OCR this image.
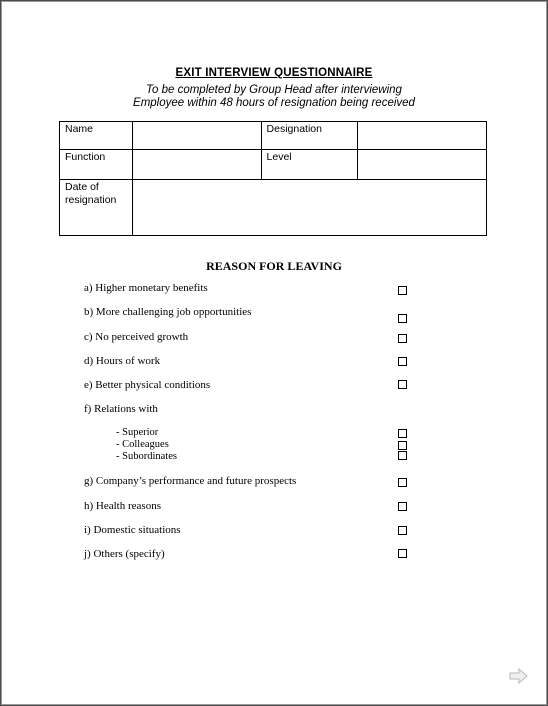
EXIT INTERVIEW QUESTIONNAIRE
To be completed by Group Head after interviewing
Employee within 48 hours of resignation being received
Name		Designation	
Function		Level	
Date of
resignation			
REASON FOR LEAVING
a) Higher monetary benefits
b) More challenging job opportunities
c) No perceived growth
d) Hours of work
e) Better physical conditions
f) Relations with
- Superior
- Colleagues
- Subordinates
g) Company’s performance and future prospects
h) Health reasons
i) Domestic situations
j) Others (specify)
